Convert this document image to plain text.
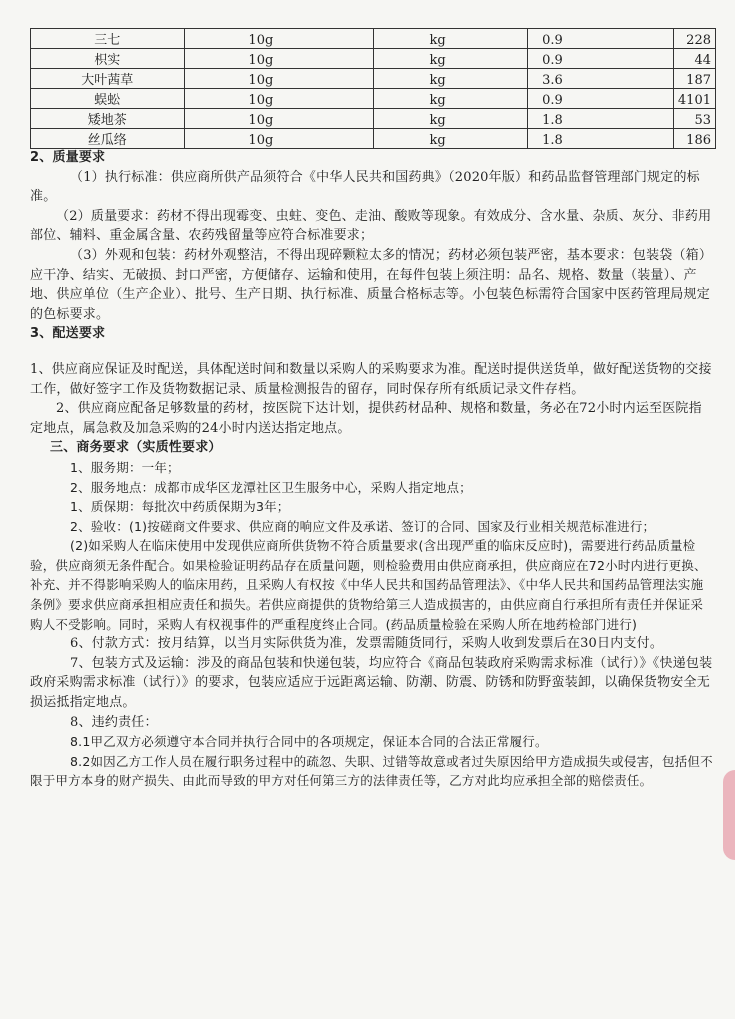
三七	10g	kg	0.9	228
枳实	10g	kg	0.9	44
大叶茜草	10g	kg	3.6	187
蜈蚣	10g	kg	0.9	4101
矮地茶	10g	kg	1.8	53
丝瓜络	10g	kg	1.8	186

2、质量要求

（1）执行标准：供应商所供产品须符合《中华人民共和国药典》（2020年版）和药品监督管理部门规定的标准。

（2）质量要求：药材不得出现霉变、虫蛀、变色、走油、酸败等现象。有效成分、含水量、杂质、灰分、非药用部位、辅料、重金属含量、农药残留量等应符合标准要求；

（3）外观和包装：药材外观整洁，不得出现碎颗粒太多的情况；药材必须包装严密，基本要求：包装袋（箱）

应干净、结实、无破损、封口严密，方便储存、运输和使用，在每件包装上须注明：品名、规格、数量（装量）、产地、供应单位（生产企业）、批号、生产日期、执行标准、质量合格标志等。小包装色标需符合国家中医药管理局规定的色标要求。

3、配送要求

1、供应商应保证及时配送，具体配送时间和数量以采购人的采购要求为准。配送时提供送货单，做好配送货物的交接工作，做好签字工作及货物数据记录、质量检测报告的留存，同时保存所有纸质记录文件存档。

2、供应商应配备足够数量的药材，按医院下达计划，提供药材品种、规格和数量，务必在72小时内运至医院指定地点，属急救及加急采购的24小时内送达指定地点。

三、商务要求（实质性要求）

1、服务期：一年；

2、服务地点：成都市成华区龙潭社区卫生服务中心，采购人指定地点；

1、质保期：每批次中药质保期为3年；

2、验收：(1)按磋商文件要求、供应商的响应文件及承诺、签订的合同、国家及行业相关规范标准进行；

(2)如采购人在临床使用中发现供应商所供货物不符合质量要求(含出现严重的临床反应时)，需要进行药品质量检验，供应商须无条件配合。如果检验证明药品存在质量问题，则检验费用由供应商承担，供应商应在72小时内进行更换、补充、并不得影响采购人的临床用药，且采购人有权按《中华人民共和国药品管理法》、《中华人民共和国药品管理法实施条例》要求供应商承担相应责任和损失。若供应商提供的货物给第三人造成损害的，由供应商自行承担所有责任并保证采购人不受影响。同时，采购人有权视事件的严重程度终止合同。(药品质量检验在采购人所在地药检部门进行)

6、付款方式：按月结算，以当月实际供货为准，发票需随货同行，采购人收到发票后在30日内支付。

7、包装方式及运输：涉及的商品包装和快递包装，均应符合《商品包装政府采购需求标准（试行）》《快递包装政府采购需求标准（试行）》的要求，包装应适应于远距离运输、防潮、防震、防锈和防野蛮装卸，以确保货物安全无损运抵指定地点。

8、违约责任：

8.1甲乙双方必须遵守本合同并执行合同中的各项规定，保证本合同的合法正常履行。

8.2如因乙方工作人员在履行职务过程中的疏忽、失职、过错等故意或者过失原因给甲方造成损失或侵害，包括但不限于甲方本身的财产损失、由此而导致的甲方对任何第三方的法律责任等，乙方对此均应承担全部的赔偿责任。
